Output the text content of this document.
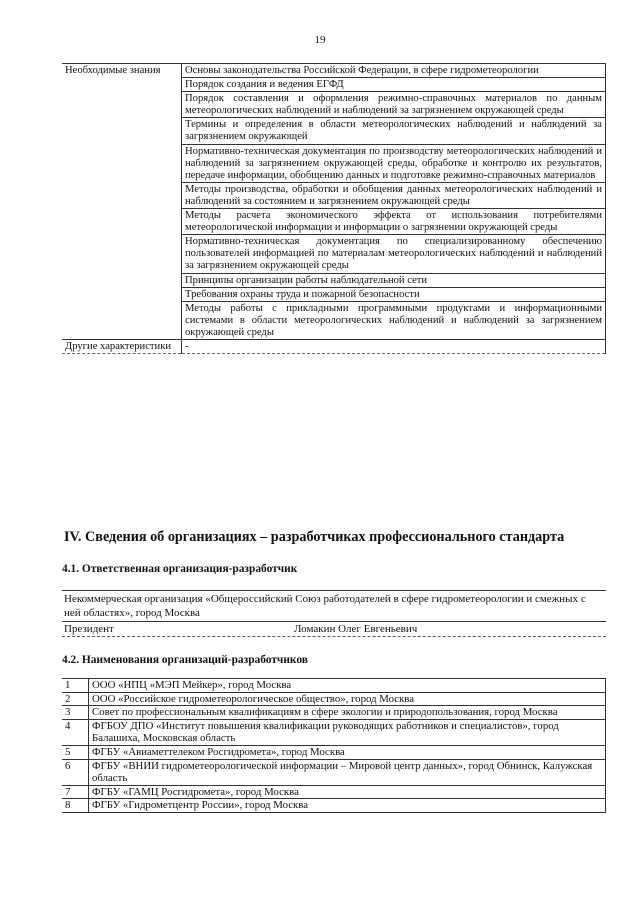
19
Необходимые знания	Основы законодательства Российской Федерации, в сфере гидрометеорологии
	Порядок создания и ведения ЕГФД
	Порядок составления и оформления режимно-справочных материалов по данным метеорологических наблюдений и наблюдений за загрязнением окружающей среды
	Термины и определения в области метеорологических наблюдений и наблюдений за загрязнением окружающей
	Нормативно-техническая документация по производству метеорологических наблюдений и наблюдений за загрязнением окружающей среды, обработке и контролю их результатов, передаче информации, обобщению данных и подготовке режимно-справочных материалов
	Методы производства, обработки и обобщения данных метеорологических наблюдений и наблюдений за состоянием и загрязнением окружающей среды
	Методы расчета экономического эффекта от использования потребителями метеорологической информации и информации о загрязнении окружающей среды
	Нормативно-техническая документация по специализированному обеспечению пользователей информацией по материалам метеорологических наблюдений и наблюдений за загрязнением окружающей среды
	Принципы организации работы наблюдательной сети
	Требования охраны труда и пожарной безопасности
	Методы работы с прикладными программными продуктами и информационными системами в области метеорологических наблюдений и наблюдений за загрязнением окружающей среды
Другие характеристики	-
IV. Сведения об организациях – разработчиках профессионального стандарта
4.1. Ответственная организация-разработчик
Некоммерческая организация «Общероссийский Союз работодателей в сфере гидрометеорологии и смежных с ней областях», город Москва
Президент	Ломакин Олег Евгеньевич
4.2. Наименования организаций-разработчиков
1	ООО «НПЦ «МЭП Мейкер», город Москва
2	ООО «Российское гидрометеорологическое общество», город Москва
3	Совет по профессиональным квалификациям в сфере экологии и природопользования, город Москва
4	ФГБОУ ДПО «Институт повышения квалификации руководящих работников и специалистов», город Балашиха, Московская область
5	ФГБУ «Авиаметтелеком Росгидромета», город Москва
6	ФГБУ «ВНИИ гидрометеорологической информации – Мировой центр данных», город Обнинск, Калужская область
7	ФГБУ «ГАМЦ Росгидромета», город Москва
8	ФГБУ «Гидрометцентр России», город Москва
